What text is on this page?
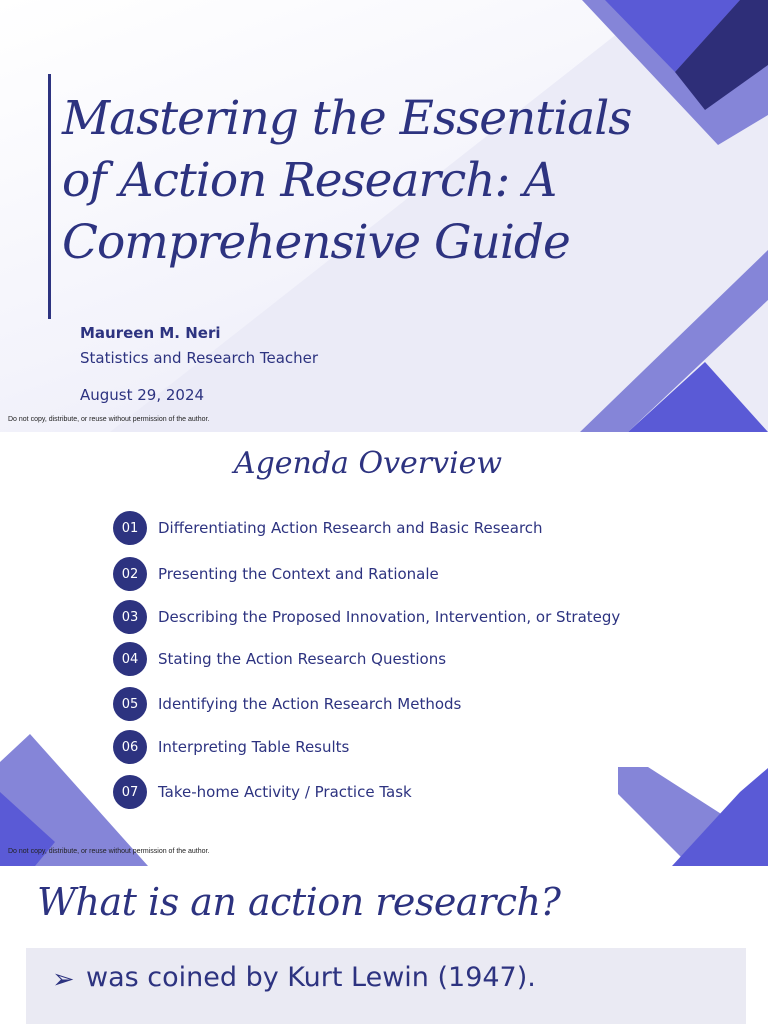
Mastering the Essentials of Action Research: A Comprehensive Guide
Maureen M. Neri
Statistics and Research Teacher
August 29, 2024
Do not copy, distribute, or reuse without permission of the author.
Agenda Overview
01	Differentiating Action Research and Basic Research
02	Presenting the Context and Rationale
03	Describing the Proposed Innovation, Intervention, or Strategy
04	Stating the Action Research Questions
05	Identifying the Action Research Methods
06	Interpreting Table Results
07	Take-home Activity / Practice Task
Do not copy, distribute, or reuse without permission of the author.
What is an action research?
➢ was coined by Kurt Lewin (1947).
